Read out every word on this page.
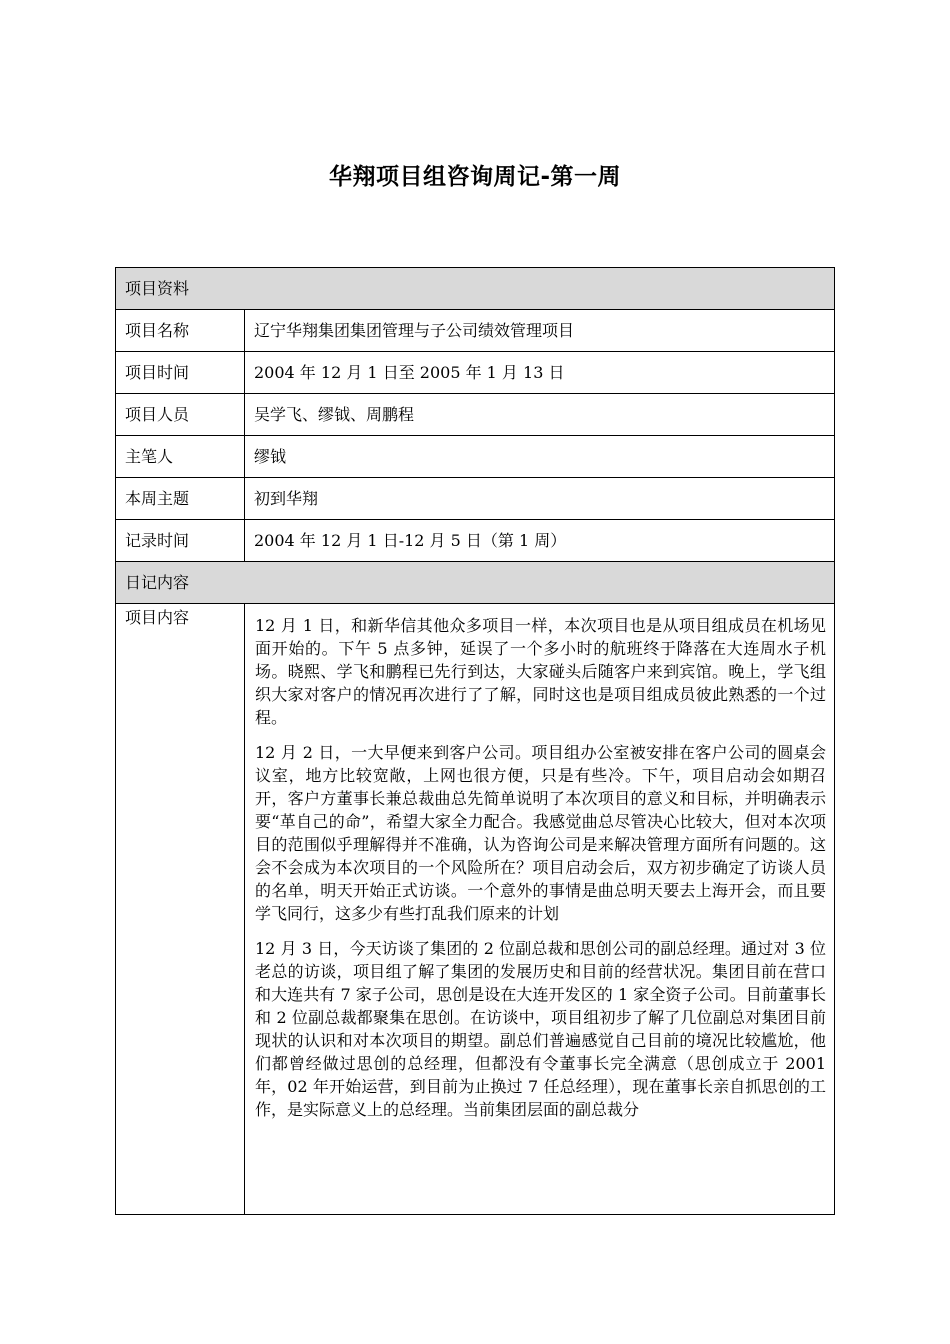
华翔项目组咨询周记-第一周
项目资料	
项目名称	辽宁华翔集团集团管理与子公司绩效管理项目
项目时间	2004 年 12 月 1 日至 2005 年 1 月 13 日
项目人员	吴学飞、缪钺、周鹏程
主笔人	缪钺
本周主题	初到华翔
记录时间	2004 年 12 月 1 日-12 月 5 日（第 1 周）
日记内容	
项目内容	12 月 1 日，和新华信其他众多项目一样，本次项目也是从项目组成员在机场见面开始的。下午 5 点多钟，延误了一个多小时的航班终于降落在大连周水子机场。晓熙、学飞和鹏程已先行到达，大家碰头后随客户来到宾馆。晚上，学飞组织大家对客户的情况再次进行了了解，同时这也是项目组成员彼此熟悉的一个过程。

12 月 2 日，一大早便来到客户公司。项目组办公室被安排在客户公司的圆桌会议室，地方比较宽敞，上网也很方便，只是有些冷。下午，项目启动会如期召开，客户方董事长兼总裁曲总先简单说明了本次项目的意义和目标，并明确表示要“革自己的命”，希望大家全力配合。我感觉曲总尽管决心比较大，但对本次项目的范围似乎理解得并不准确，认为咨询公司是来解决管理方面所有问题的。这会不会成为本次项目的一个风险所在？项目启动会后，双方初步确定了访谈人员的名单，明天开始正式访谈。一个意外的事情是曲总明天要去上海开会，而且要学飞同行，这多少有些打乱我们原来的计划

12 月 3 日，今天访谈了集团的 2 位副总裁和思创公司的副总经理。通过对 3 位老总的访谈，项目组了解了集团的发展历史和目前的经营状况。集团目前在营口和大连共有 7 家子公司，思创是设在大连开发区的 1 家全资子公司。目前董事长和 2 位副总裁都聚集在思创。在访谈中，项目组初步了解了几位副总对集团目前现状的认识和对本次项目的期望。副总们普遍感觉自己目前的境况比较尴尬，他们都曾经做过思创的总经理，但都没有令董事长完全满意（思创成立于 2001 年，02 年开始运营，到目前为止换过 7 任总经理），现在董事长亲自抓思创的工作，是实际意义上的总经理。当前集团层面的副总裁分
